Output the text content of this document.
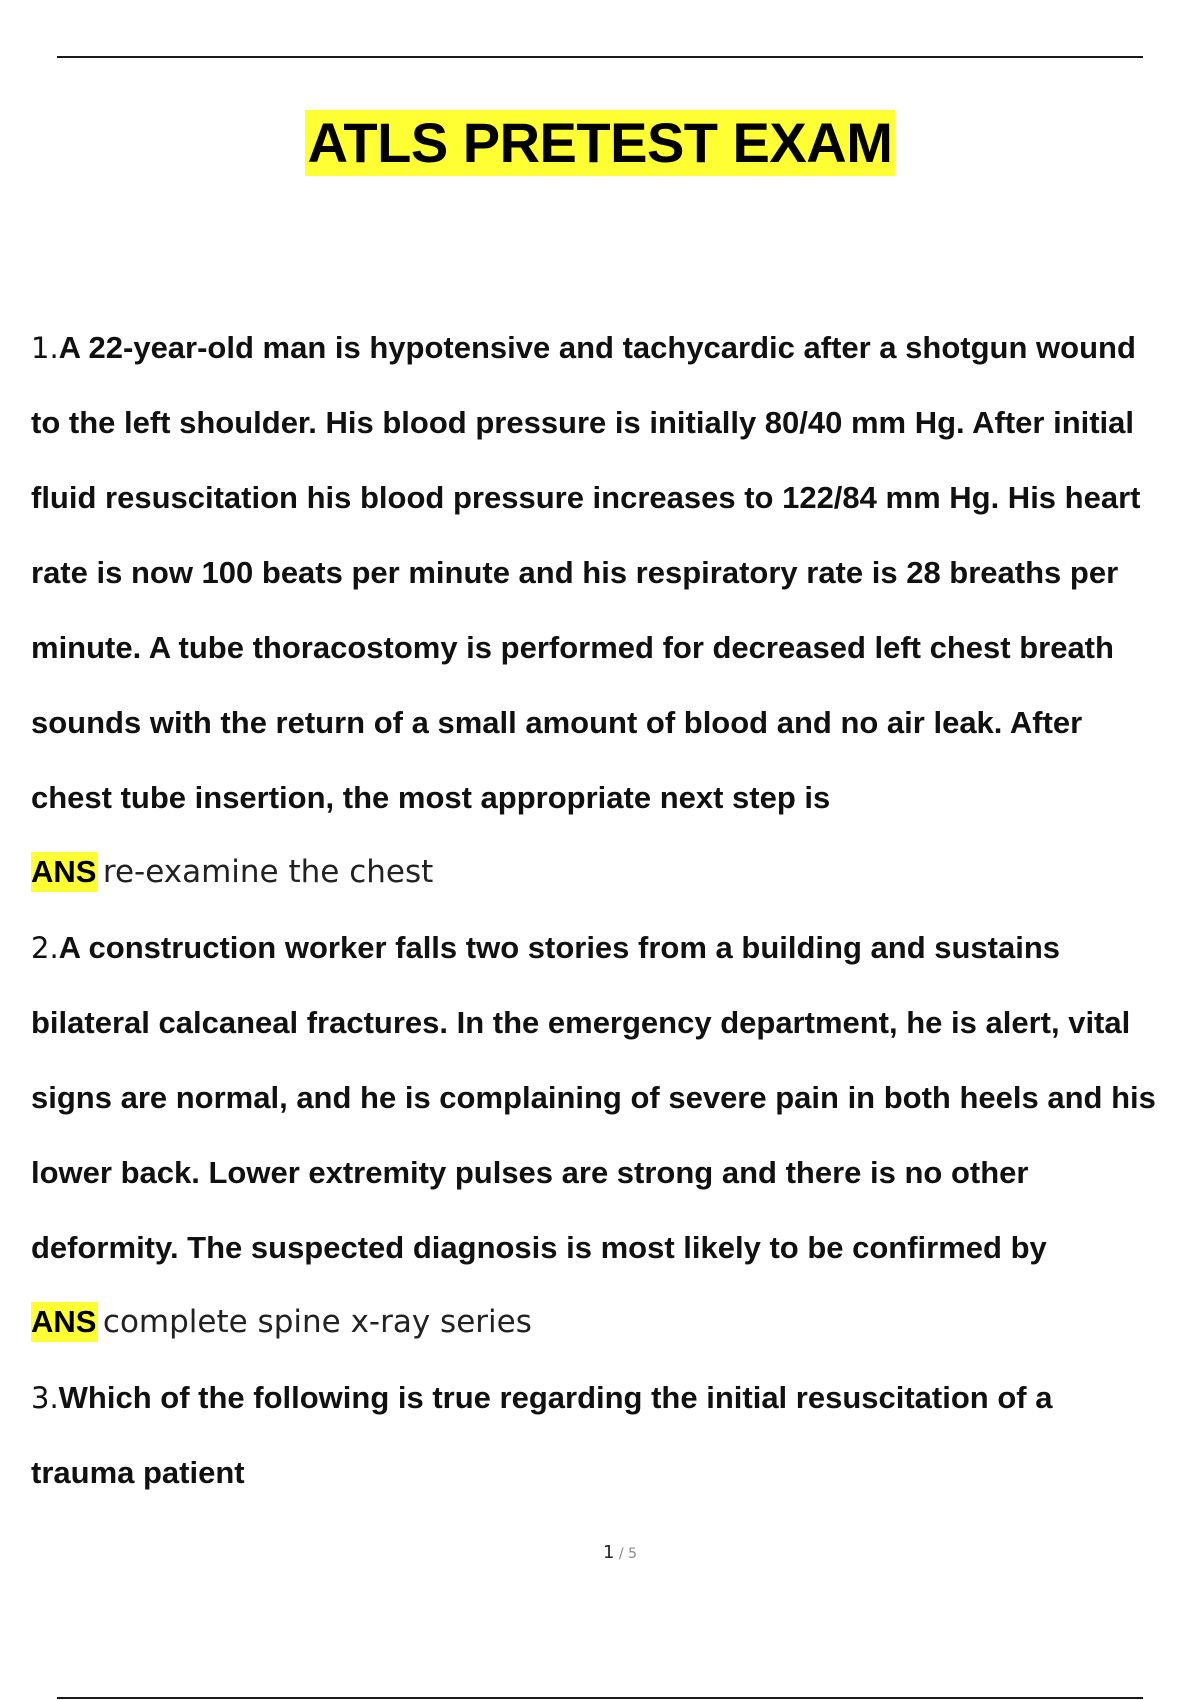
ATLS PRETEST EXAM
1.A 22-year-old man is hypotensive and tachycardic after a shotgun wound
to the left shoulder. His blood pressure is initially 80/40 mm Hg. After initial
fluid resuscitation his blood pressure increases to 122/84 mm Hg. His heart
rate is now 100 beats per minute and his respiratory rate is 28 breaths per
minute. A tube thoracostomy is performed for decreased left chest breath
sounds with the return of a small amount of blood and no air leak. After
chest tube insertion, the most appropriate next step is
ANS re-examine the chest
2.A construction worker falls two stories from a building and sustains
bilateral calcaneal fractures. In the emergency department, he is alert, vital
signs are normal, and he is complaining of severe pain in both heels and his
lower back. Lower extremity pulses are strong and there is no other
deformity. The suspected diagnosis is most likely to be confirmed by
ANS complete spine x-ray series
3.Which of the following is true regarding the initial resuscitation of a
trauma patient
1 / 5
